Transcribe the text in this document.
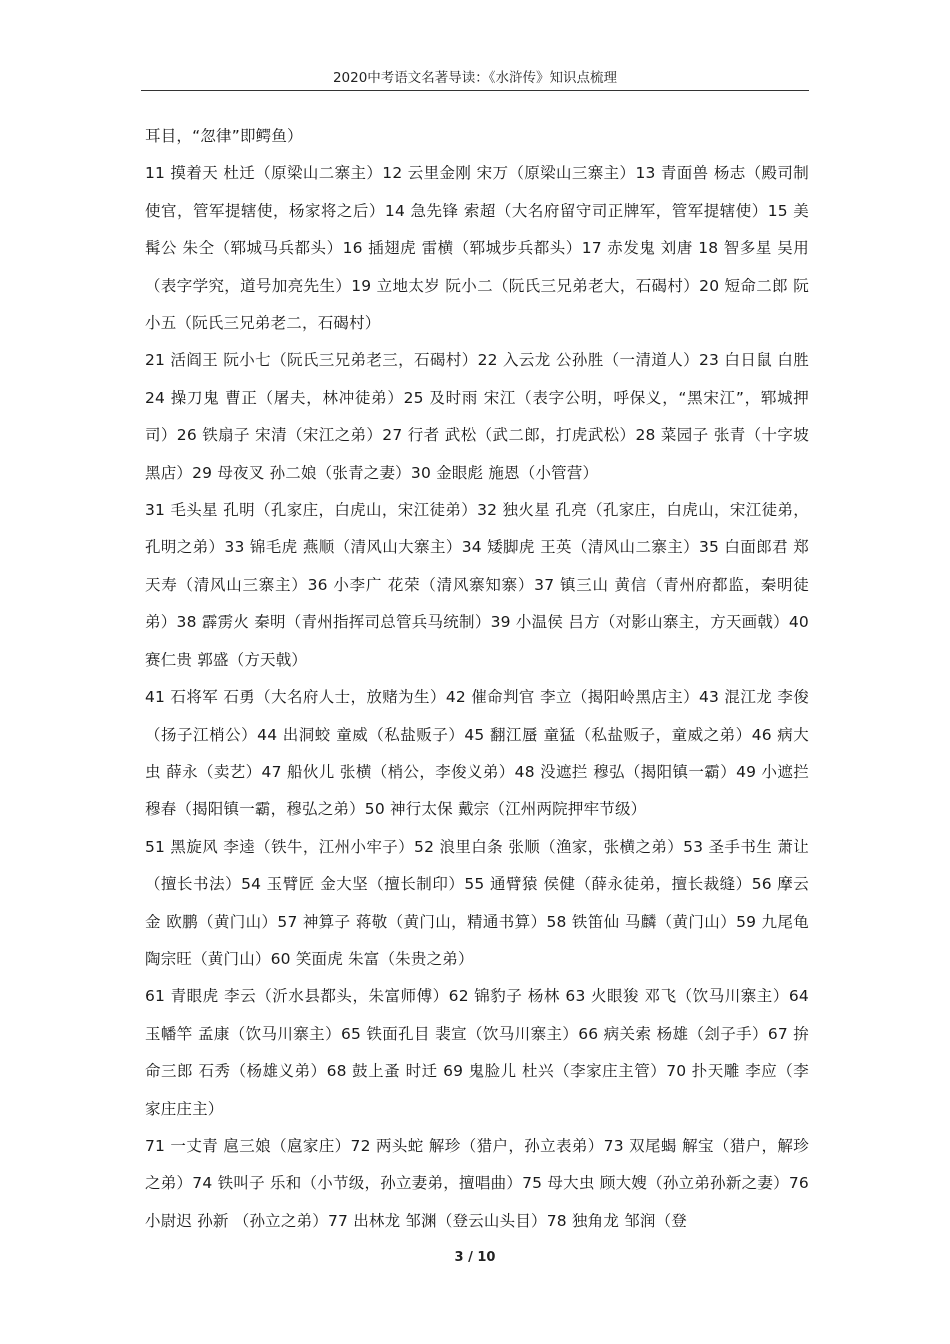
2020中考语文名著导读：《水浒传》知识点梳理

耳目，“忽律”即鳄鱼）

11 摸着天 杜迁（原梁山二寨主）12 云里金刚 宋万（原梁山三寨主）13 青面兽 杨志（殿司制使官，管军提辖使，杨家将之后）14 急先锋 索超（大名府留守司正牌军，管军提辖使）15 美髯公 朱仝（郓城马兵都头）16 插翅虎 雷横（郓城步兵都头）17 赤发鬼 刘唐 18 智多星 吴用（表字学究，道号加亮先生）19 立地太岁 阮小二（阮氏三兄弟老大，石碣村）20 短命二郎 阮小五（阮氏三兄弟老二，石碣村）

21 活阎王 阮小七（阮氏三兄弟老三，石碣村）22 入云龙 公孙胜（一清道人）23 白日鼠 白胜 24 操刀鬼 曹正（屠夫，林冲徒弟）25 及时雨 宋江（表字公明，呼保义，“黑宋江”，郓城押司）26 铁扇子 宋清（宋江之弟）27 行者 武松（武二郎，打虎武松）28 菜园子 张青（十字坡黑店）29 母夜叉 孙二娘（张青之妻）30 金眼彪 施恩（小管营）

31 毛头星 孔明（孔家庄，白虎山，宋江徒弟）32 独火星 孔亮（孔家庄，白虎山，宋江徒弟，孔明之弟）33 锦毛虎 燕顺（清风山大寨主）34 矮脚虎 王英（清风山二寨主）35 白面郎君 郑天寿（清风山三寨主）36 小李广 花荣（清风寨知寨）37 镇三山 黄信（青州府都监，秦明徒弟）38 霹雳火 秦明（青州指挥司总管兵马统制）39 小温侯 吕方（对影山寨主，方天画戟）40 赛仁贵 郭盛（方天戟）

41 石将军 石勇（大名府人士，放赌为生）42 催命判官 李立（揭阳岭黑店主）43 混江龙 李俊（扬子江梢公）44 出洞蛟 童威（私盐贩子）45 翻江蜃 童猛（私盐贩子，童威之弟）46 病大虫 薛永（卖艺）47 船伙儿 张横（梢公，李俊义弟）48 没遮拦 穆弘（揭阳镇一霸）49 小遮拦 穆春（揭阳镇一霸，穆弘之弟）50 神行太保 戴宗（江州两院押牢节级）

51 黑旋风 李逵（铁牛，江州小牢子）52 浪里白条 张顺（渔家，张横之弟）53 圣手书生 萧让（擅长书法）54 玉臂匠 金大坚（擅长制印）55 通臂猿 侯健（薛永徒弟，擅长裁缝）56 摩云金 欧鹏（黄门山）57 神算子 蒋敬（黄门山，精通书算）58 铁笛仙 马麟（黄门山）59 九尾龟 陶宗旺（黄门山）60 笑面虎 朱富（朱贵之弟）

61 青眼虎 李云（沂水县都头，朱富师傅）62 锦豹子 杨林 63 火眼狻 邓飞（饮马川寨主）64 玉幡竿 孟康（饮马川寨主）65 铁面孔目 裴宣（饮马川寨主）66 病关索 杨雄（刽子手）67 拚命三郎 石秀（杨雄义弟）68 鼓上蚤 时迁 69 鬼脸儿 杜兴（李家庄主管）70 扑天雕 李应（李家庄庄主）

71 一丈青 扈三娘（扈家庄）72 两头蛇 解珍（猎户，孙立表弟）73 双尾蝎 解宝（猎户，解珍之弟）74 铁叫子 乐和（小节级，孙立妻弟，擅唱曲）75 母大虫 顾大嫂（孙立弟孙新之妻）76 小尉迟 孙新 （孙立之弟）77 出林龙 邹渊（登云山头目）78 独角龙 邹润（登

3 / 10
